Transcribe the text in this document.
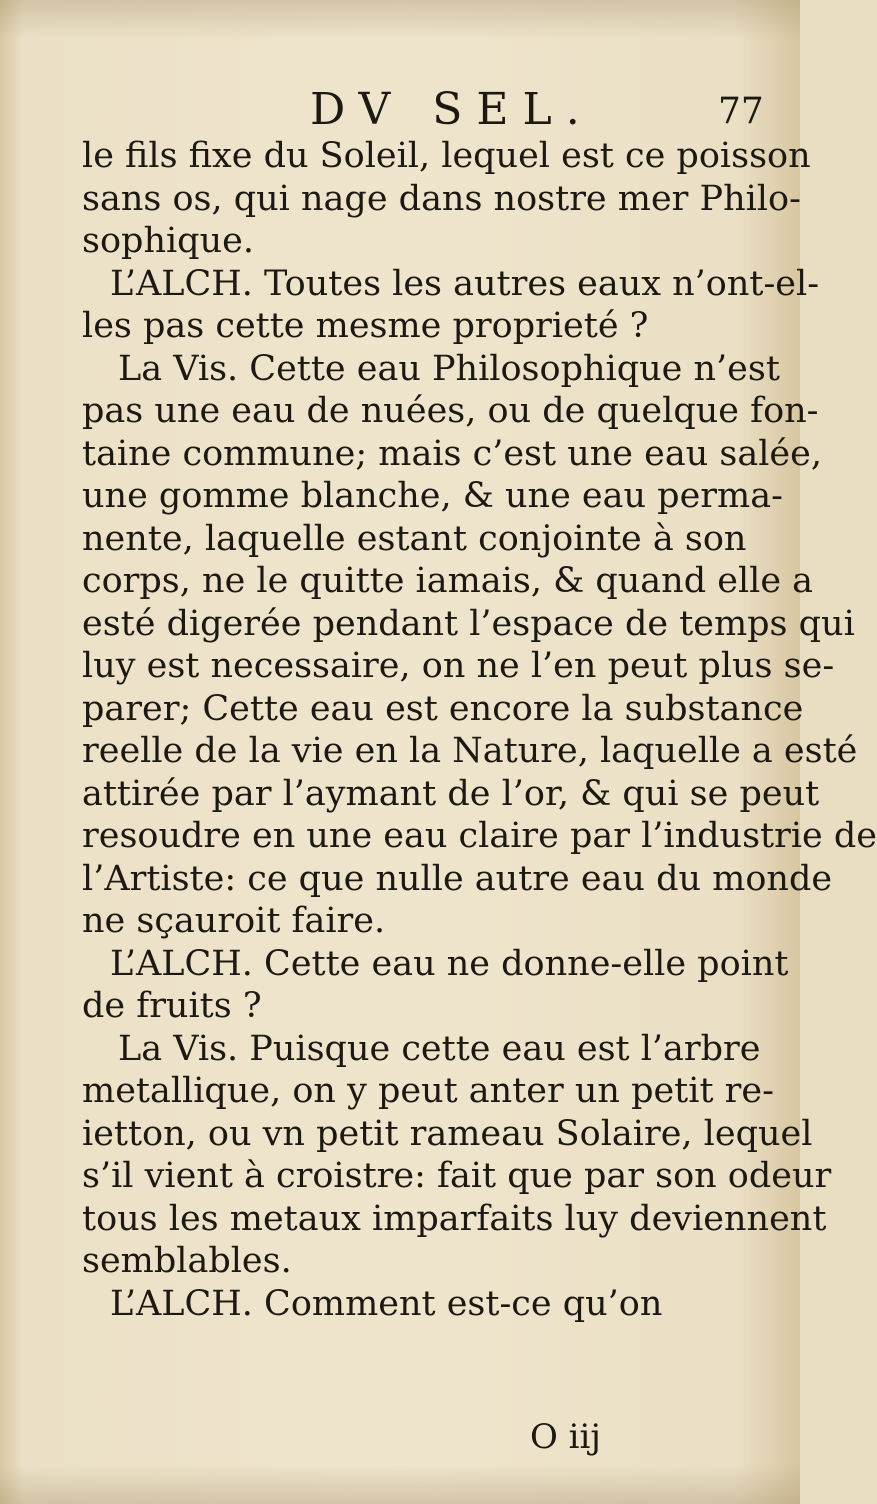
DV SEL.	77
le fils fixe du Soleil, lequel est ce poisson
sans os, qui nage dans nostre mer Philo-
sophique.
L’ALCH. Toutes les autres eaux n’ont-el-
les pas cette mesme proprieté ?
La Vis. Cette eau Philosophique n’est
pas une eau de nuées, ou de quelque fon-
taine commune; mais c’est une eau salée,
une gomme blanche, & une eau perma-
nente, laquelle estant conjointe à son
corps, ne le quitte iamais, & quand elle a
esté digerée pendant l’espace de temps qui
luy est necessaire, on ne l’en peut plus se-
parer; Cette eau est encore la substance
reelle de la vie en la Nature, laquelle a esté
attirée par l’aymant de l’or, & qui se peut
resoudre en une eau claire par l’industrie de
l’Artiste: ce que nulle autre eau du monde
ne sçauroit faire.
L’ALCH. Cette eau ne donne-elle point
de fruits ?
La Vis. Puisque cette eau est l’arbre
metallique, on y peut anter un petit re-
ietton, ou vn petit rameau Solaire, lequel
s’il vient à croistre: fait que par son odeur
tous les metaux imparfaits luy deviennent
semblables.
L’ALCH. Comment est-ce qu’on
O iij
